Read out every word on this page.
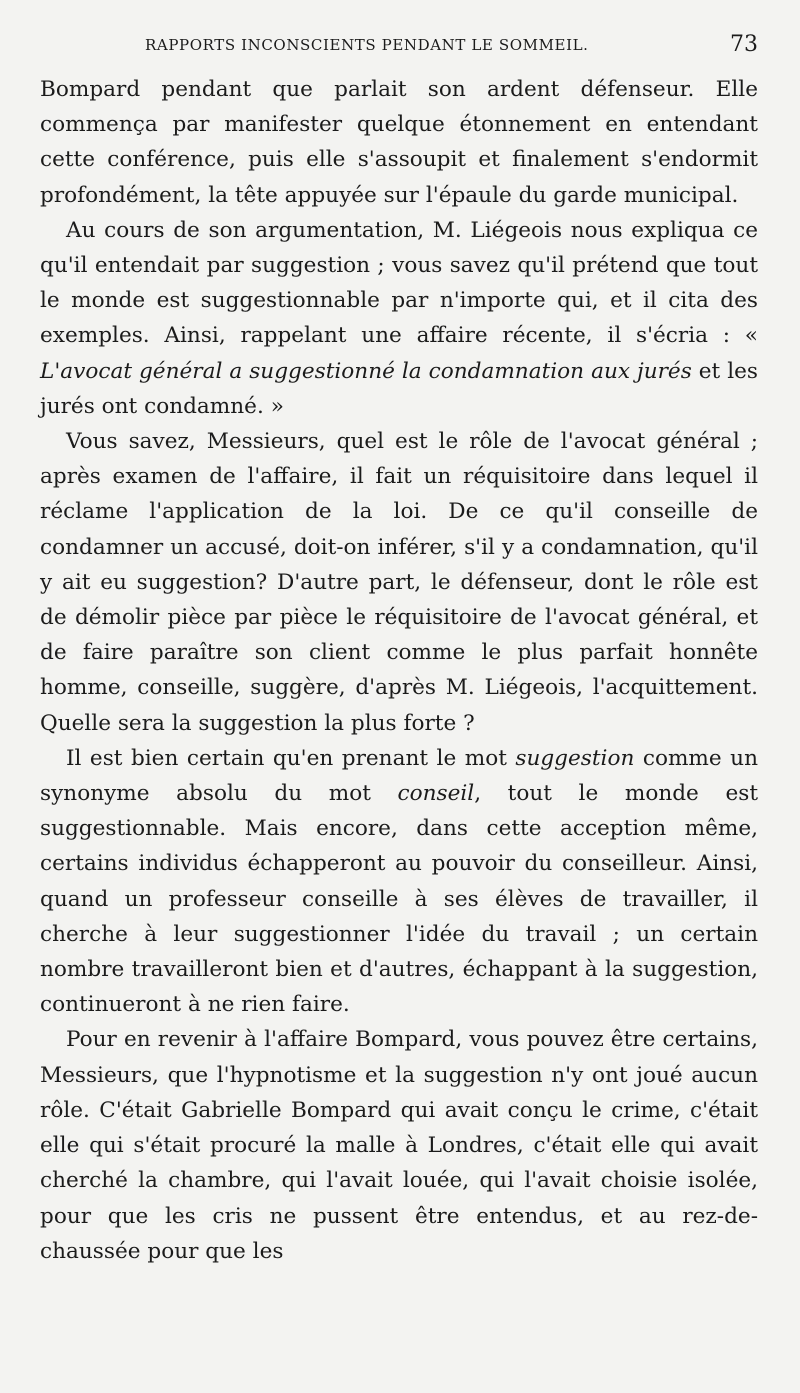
RAPPORTS INCONSCIENTS PENDANT LE SOMMEIL.	73

Bompard pendant que parlait son ardent défenseur. Elle commença par manifester quelque étonnement en entendant cette conférence, puis elle s'assoupit et finalement s'endormit profondément, la tête appuyée sur l'épaule du garde municipal.

Au cours de son argumentation, M. Liégeois nous expliqua ce qu'il entendait par suggestion ; vous savez qu'il prétend que tout le monde est suggestionnable par n'importe qui, et il cita des exemples. Ainsi, rappelant une affaire récente, il s'écria : « L'avocat général a suggestionné la condamnation aux jurés et les jurés ont condamné. »

Vous savez, Messieurs, quel est le rôle de l'avocat général ; après examen de l'affaire, il fait un réquisitoire dans lequel il réclame l'application de la loi. De ce qu'il conseille de condamner un accusé, doit-on inférer, s'il y a condamnation, qu'il y ait eu suggestion? D'autre part, le défenseur, dont le rôle est de démolir pièce par pièce le réquisitoire de l'avocat général, et de faire paraître son client comme le plus parfait honnête homme, conseille, suggère, d'après M. Liégeois, l'acquittement. Quelle sera la suggestion la plus forte ?

Il est bien certain qu'en prenant le mot suggestion comme un synonyme absolu du mot conseil, tout le monde est suggestionnable. Mais encore, dans cette acception même, certains individus échapperont au pouvoir du conseilleur. Ainsi, quand un professeur conseille à ses élèves de travailler, il cherche à leur suggestionner l'idée du travail ; un certain nombre travailleront bien et d'autres, échappant à la suggestion, continueront à ne rien faire.

Pour en revenir à l'affaire Bompard, vous pouvez être certains, Messieurs, que l'hypnotisme et la suggestion n'y ont joué aucun rôle. C'était Gabrielle Bompard qui avait conçu le crime, c'était elle qui s'était procuré la malle à Londres, c'était elle qui avait cherché la chambre, qui l'avait louée, qui l'avait choisie isolée, pour que les cris ne pussent être entendus, et au rez-de-chaussée pour que les
